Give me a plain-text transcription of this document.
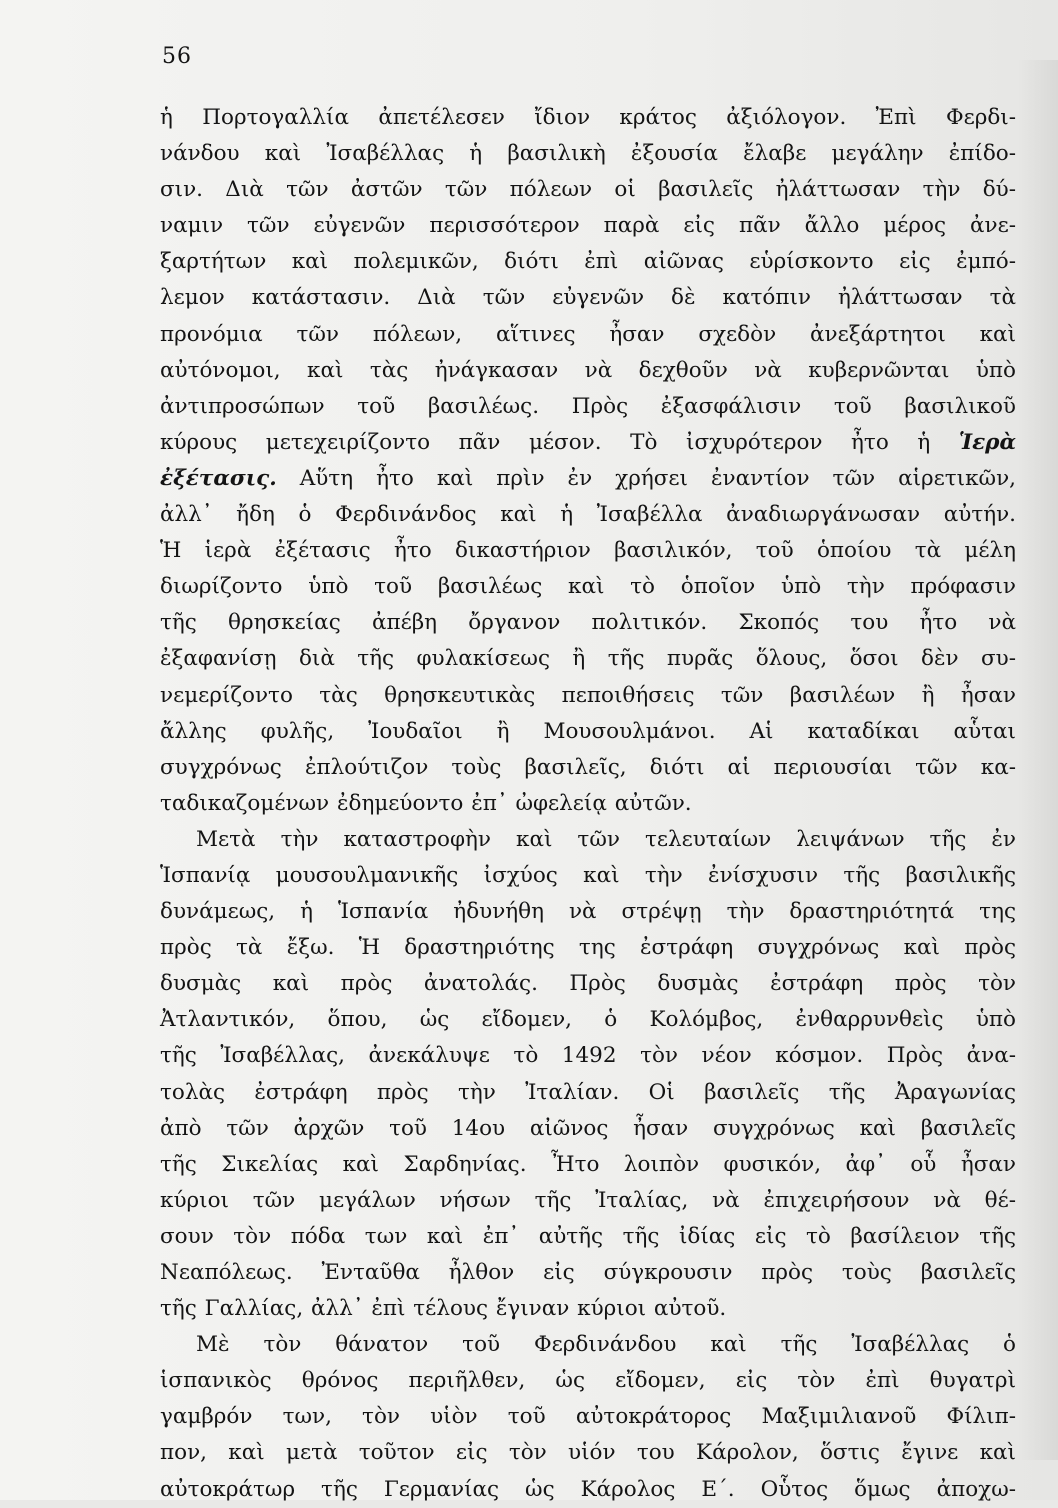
56
ἡ Πορτογαλλία ἀπετέλεσεν ἴδιον κράτος ἀξιόλογον. Ἐπὶ Φερδι-
νάνδου καὶ Ἰσαβέλλας ἡ βασιλικὴ ἐξουσία ἔλαβε μεγάλην ἐπίδο-
σιν. Διὰ τῶν ἀστῶν τῶν πόλεων οἱ βασιλεῖς ἠλάττωσαν τὴν δύ-
ναμιν τῶν εὐγενῶν περισσότερον παρὰ εἰς πᾶν ἄλλο μέρος ἀνε-
ξαρτήτων καὶ πολεμικῶν, διότι ἐπὶ αἰῶνας εὑρίσκοντο εἰς ἐμπό-
λεμον κατάστασιν. Διὰ τῶν εὐγενῶν δὲ κατόπιν ἠλάττωσαν τὰ
προνόμια τῶν πόλεων, αἵτινες ἦσαν σχεδὸν ἀνεξάρτητοι καὶ
αὐτόνομοι, καὶ τὰς ἠνάγκασαν νὰ δεχθοῦν νὰ κυβερνῶνται ὑπὸ
ἀντιπροσώπων τοῦ βασιλέως. Πρὸς ἐξασφάλισιν τοῦ βασιλικοῦ
κύρους μετεχειρίζοντο πᾶν μέσον. Τὸ ἰσχυρότερον ἦτο ἡ Ἱερὰ
ἐξέτασις. Αὕτη ἦτο καὶ πρὶν ἐν χρήσει ἐναντίον τῶν αἱρετικῶν,
ἀλλ᾽ ἤδη ὁ Φερδινάνδος καὶ ἡ Ἰσαβέλλα ἀναδιωργάνωσαν αὐτήν.
Ἡ ἱερὰ ἐξέτασις ἦτο δικαστήριον βασιλικόν, τοῦ ὁποίου τὰ μέλη
διωρίζοντο ὑπὸ τοῦ βασιλέως καὶ τὸ ὁποῖον ὑπὸ τὴν πρόφασιν
τῆς θρησκείας ἀπέβη ὄργανον πολιτικόν. Σκοπός του ἦτο νὰ
ἐξαφανίσῃ διὰ τῆς φυλακίσεως ἢ τῆς πυρᾶς ὅλους, ὅσοι δὲν συ-
νεμερίζοντο τὰς θρησκευτικὰς πεποιθήσεις τῶν βασιλέων ἢ ἦσαν
ἄλλης φυλῆς, Ἰουδαῖοι ἢ Μουσουλμάνοι. Αἱ καταδίκαι αὗται
συγχρόνως ἐπλούτιζον τοὺς βασιλεῖς, διότι αἱ περιουσίαι τῶν κα-
ταδικαζομένων ἐδημεύοντο ἐπ᾽ ὠφελείᾳ αὐτῶν.
Μετὰ τὴν καταστροφὴν καὶ τῶν τελευταίων λειψάνων τῆς ἐν
Ἱσπανίᾳ μουσουλμανικῆς ἰσχύος καὶ τὴν ἐνίσχυσιν τῆς βασιλικῆς
δυνάμεως, ἡ Ἱσπανία ἠδυνήθη νὰ στρέψῃ τὴν δραστηριότητά της
πρὸς τὰ ἔξω. Ἡ δραστηριότης της ἐστράφη συγχρόνως καὶ πρὸς
δυσμὰς καὶ πρὸς ἀνατολάς. Πρὸς δυσμὰς ἐστράφη πρὸς τὸν
Ἀτλαντικόν, ὅπου, ὡς εἴδομεν, ὁ Κολόμβος, ἐνθαρρυνθεὶς ὑπὸ
τῆς Ἰσαβέλλας, ἀνεκάλυψε τὸ 1492 τὸν νέον κόσμον. Πρὸς ἀνα-
τολὰς ἐστράφη πρὸς τὴν Ἰταλίαν. Οἱ βασιλεῖς τῆς Ἀραγωνίας
ἀπὸ τῶν ἀρχῶν τοῦ 14ου αἰῶνος ἦσαν συγχρόνως καὶ βασιλεῖς
τῆς Σικελίας καὶ Σαρδηνίας. Ἦτο λοιπὸν φυσικόν, ἀφ᾽ οὗ ἦσαν
κύριοι τῶν μεγάλων νήσων τῆς Ἰταλίας, νὰ ἐπιχειρήσουν νὰ θέ-
σουν τὸν πόδα των καὶ ἐπ᾽ αὐτῆς τῆς ἰδίας εἰς τὸ βασίλειον τῆς
Νεαπόλεως. Ἐνταῦθα ἦλθον εἰς σύγκρουσιν πρὸς τοὺς βασιλεῖς
τῆς Γαλλίας, ἀλλ᾽ ἐπὶ τέλους ἔγιναν κύριοι αὐτοῦ.
Μὲ τὸν θάνατον τοῦ Φερδινάνδου καὶ τῆς Ἰσαβέλλας ὁ
ἱσπανικὸς θρόνος περιῆλθεν, ὡς εἴδομεν, εἰς τὸν ἐπὶ θυγατρὶ
γαμβρόν των, τὸν υἱὸν τοῦ αὐτοκράτορος Μαξιμιλιανοῦ Φίλιπ-
πον, καὶ μετὰ τοῦτον εἰς τὸν υἱόν του Κάρολον, ὅστις ἔγινε καὶ
αὐτοκράτωρ τῆς Γερμανίας ὡς Κάρολος Ε΄. Οὗτος ὅμως ἀποχω-
